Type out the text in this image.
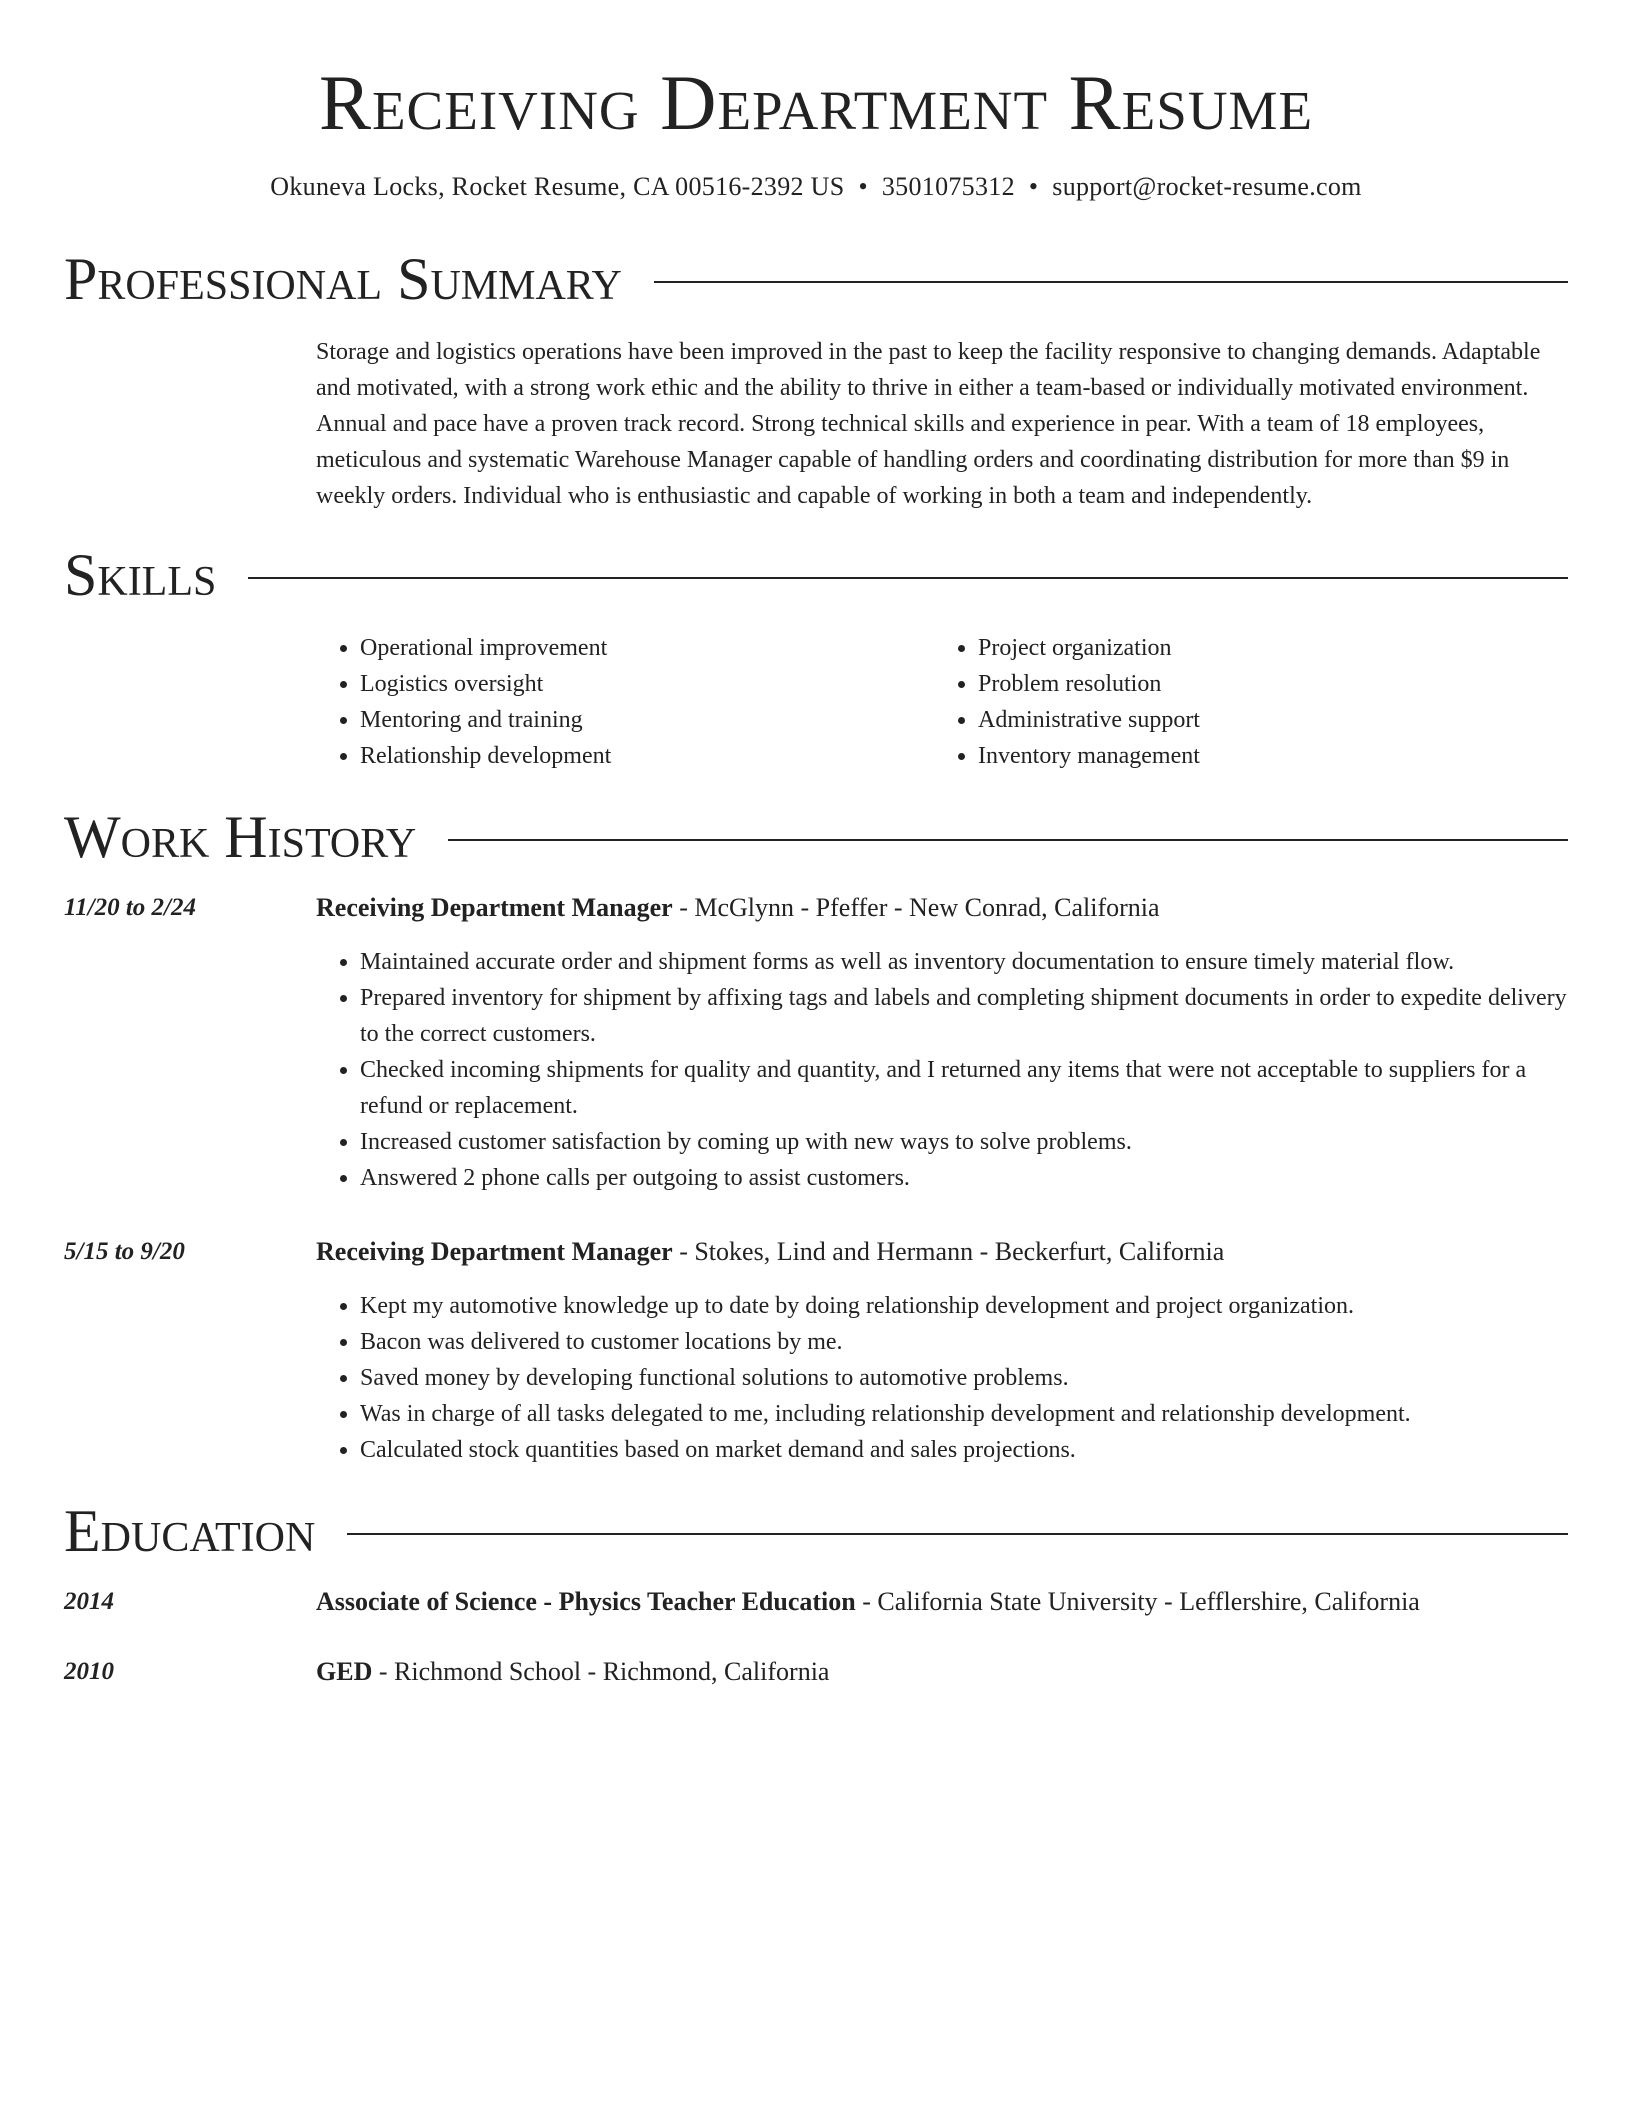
Receiving Department Resume
Okuneva Locks, Rocket Resume, CA 00516-2392 US • 3501075312 • support@rocket-resume.com
Professional Summary

Storage and logistics operations have been improved in the past to keep the facility responsive to changing demands. Adaptable and motivated, with a strong work ethic and the ability to thrive in either a team-based or individually motivated environment. Annual and pace have a proven track record. Strong technical skills and experience in pear. With a team of 18 employees, meticulous and systematic Warehouse Manager capable of handling orders and coordinating distribution for more than $9 in weekly orders. Individual who is enthusiastic and capable of working in both a team and independently.

Skills
• Operational improvement
• Logistics oversight
• Mentoring and training
• Relationship development
• Project organization
• Problem resolution
• Administrative support
• Inventory management
Work History
11/20 to 2/24	Receiving Department Manager - McGlynn - Pfeffer - New Conrad, California
• Maintained accurate order and shipment forms as well as inventory documentation to ensure timely material flow.
• Prepared inventory for shipment by affixing tags and labels and completing shipment documents in order to expedite delivery to the correct customers.
• Checked incoming shipments for quality and quantity, and I returned any items that were not acceptable to suppliers for a refund or replacement.
• Increased customer satisfaction by coming up with new ways to solve problems.
• Answered 2 phone calls per outgoing to assist customers.
5/15 to 9/20	Receiving Department Manager - Stokes, Lind and Hermann - Beckerfurt, California
• Kept my automotive knowledge up to date by doing relationship development and project organization.
• Bacon was delivered to customer locations by me.
• Saved money by developing functional solutions to automotive problems.
• Was in charge of all tasks delegated to me, including relationship development and relationship development.
• Calculated stock quantities based on market demand and sales projections.
Education
2014	Associate of Science - Physics Teacher Education - California State University - Lefflershire, California
2010	GED - Richmond School - Richmond, California
